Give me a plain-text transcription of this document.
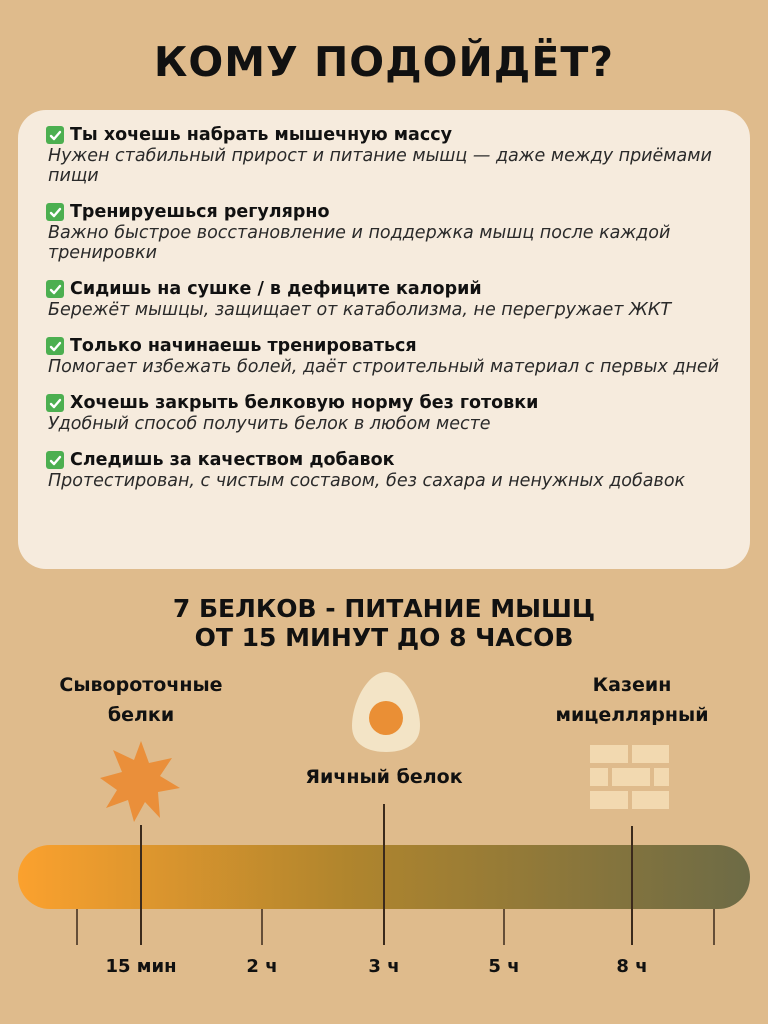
КОМУ ПОДОЙДЁТ?
Ты хочешь набрать мышечную массу
Нужен стабильный прирост и питание мышц — даже между приёмами пищи
Тренируешься регулярно
Важно быстрое восстановление и поддержка мышц после каждой тренировки
Сидишь на сушке / в дефиците калорий
Бережёт мышцы, защищает от катаболизма, не перегружает ЖКТ
Только начинаешь тренироваться
Помогает избежать болей, даёт строительный материал с первых дней
Хочешь закрыть белковую норму без готовки
Удобный способ получить белок в любом месте
Следишь за качеством добавок
Протестирован, с чистым составом, без сахара и ненужных добавок
7 БЕЛКОВ - ПИТАНИЕ МЫШЦ
ОТ 15 МИНУТ ДО 8 ЧАСОВ
Сывороточные
белки
Яичный белок
Казеин
мицеллярный
15 мин	2 ч	3 ч	5 ч	8 ч
